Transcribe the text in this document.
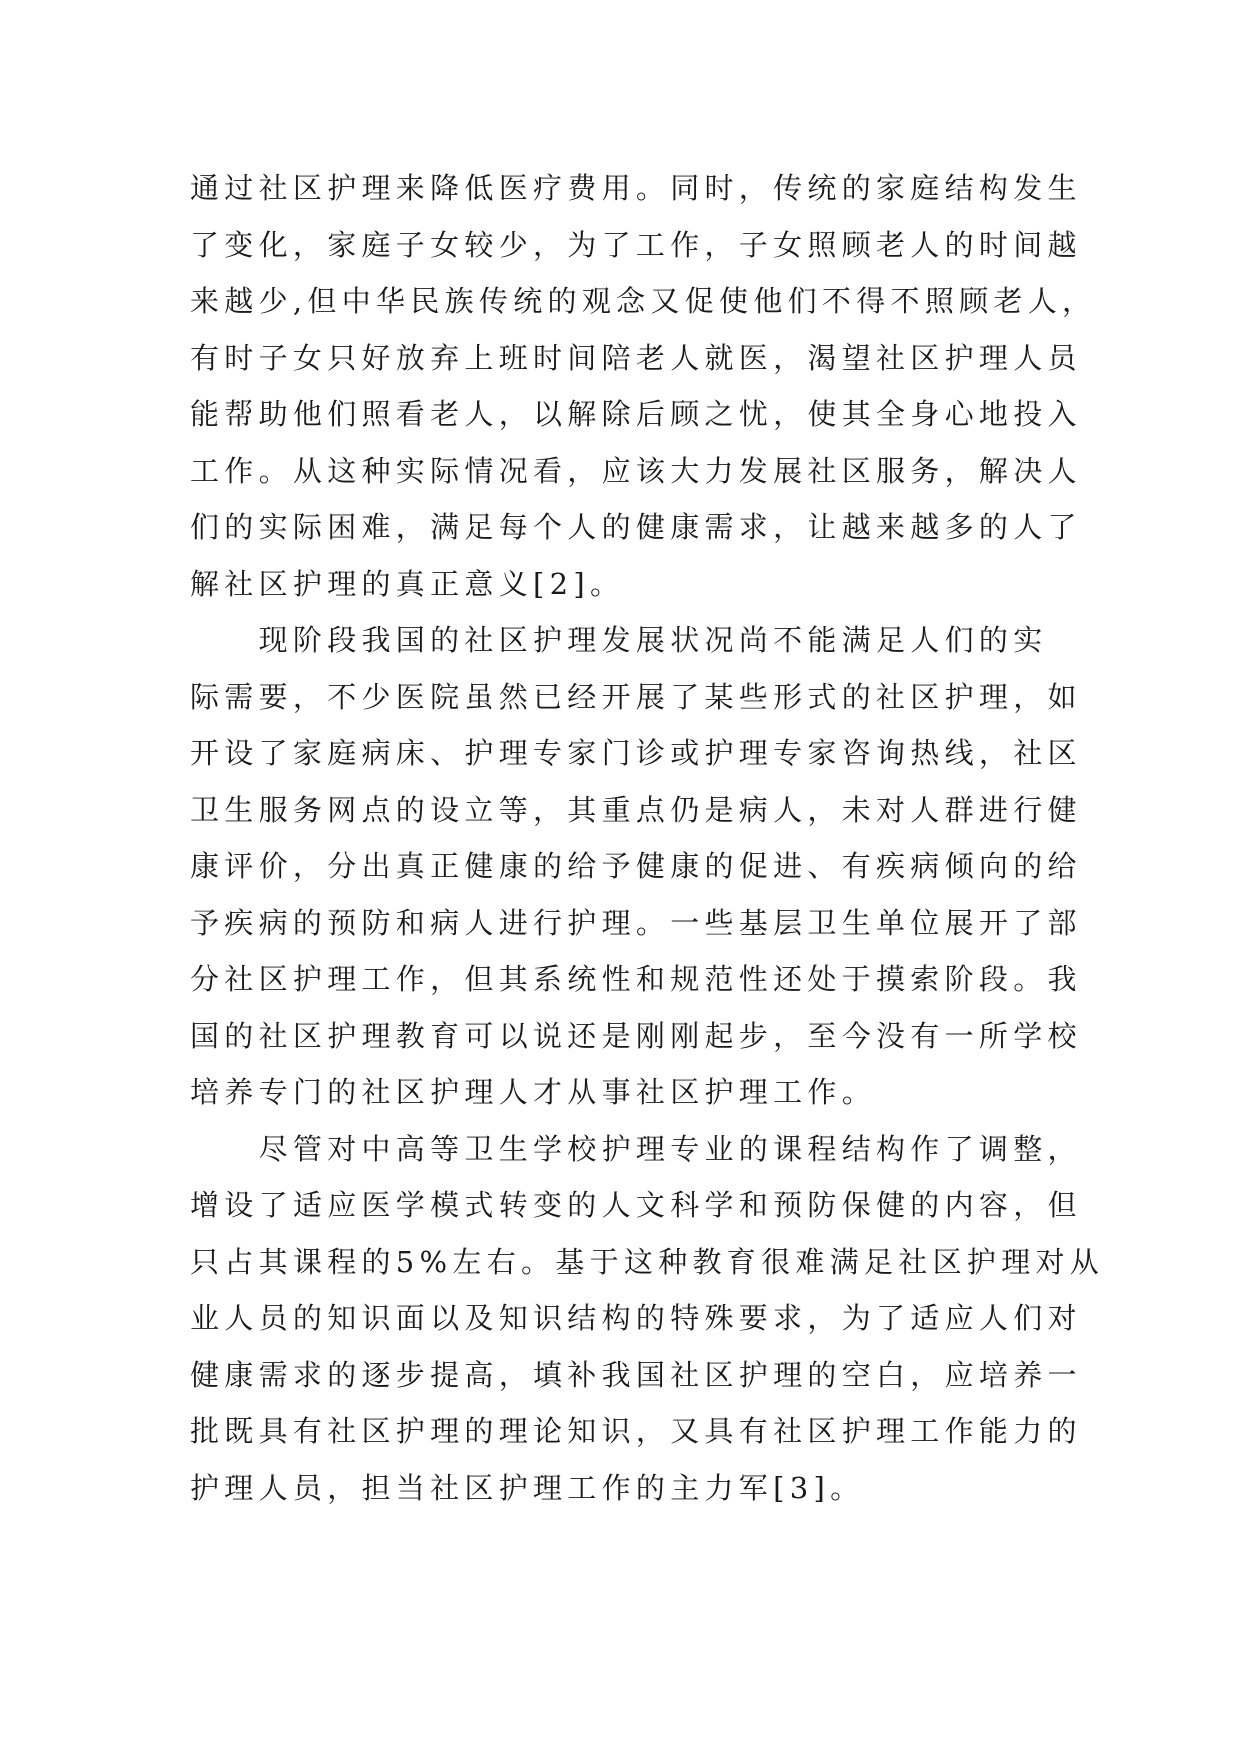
通过社区护理来降低医疗费用。同时，传统的家庭结构发生
了变化，家庭子女较少，为了工作，子女照顾老人的时间越
来越少,但中华民族传统的观念又促使他们不得不照顾老人，
有时子女只好放弃上班时间陪老人就医，渴望社区护理人员
能帮助他们照看老人，以解除后顾之忧，使其全身心地投入
工作。从这种实际情况看，应该大力发展社区服务，解决人
们的实际困难，满足每个人的健康需求，让越来越多的人了
解社区护理的真正意义[2]。
　　现阶段我国的社区护理发展状况尚不能满足人们的实
际需要，不少医院虽然已经开展了某些形式的社区护理，如
开设了家庭病床、护理专家门诊或护理专家咨询热线，社区
卫生服务网点的设立等，其重点仍是病人，未对人群进行健
康评价，分出真正健康的给予健康的促进、有疾病倾向的给
予疾病的预防和病人进行护理。一些基层卫生单位展开了部
分社区护理工作，但其系统性和规范性还处于摸索阶段。我
国的社区护理教育可以说还是刚刚起步，至今没有一所学校
培养专门的社区护理人才从事社区护理工作。
　　尽管对中高等卫生学校护理专业的课程结构作了调整，
增设了适应医学模式转变的人文科学和预防保健的内容，但
只占其课程的5%左右。基于这种教育很难满足社区护理对从
业人员的知识面以及知识结构的特殊要求，为了适应人们对
健康需求的逐步提高，填补我国社区护理的空白，应培养一
批既具有社区护理的理论知识，又具有社区护理工作能力的
护理人员，担当社区护理工作的主力军[3]。
